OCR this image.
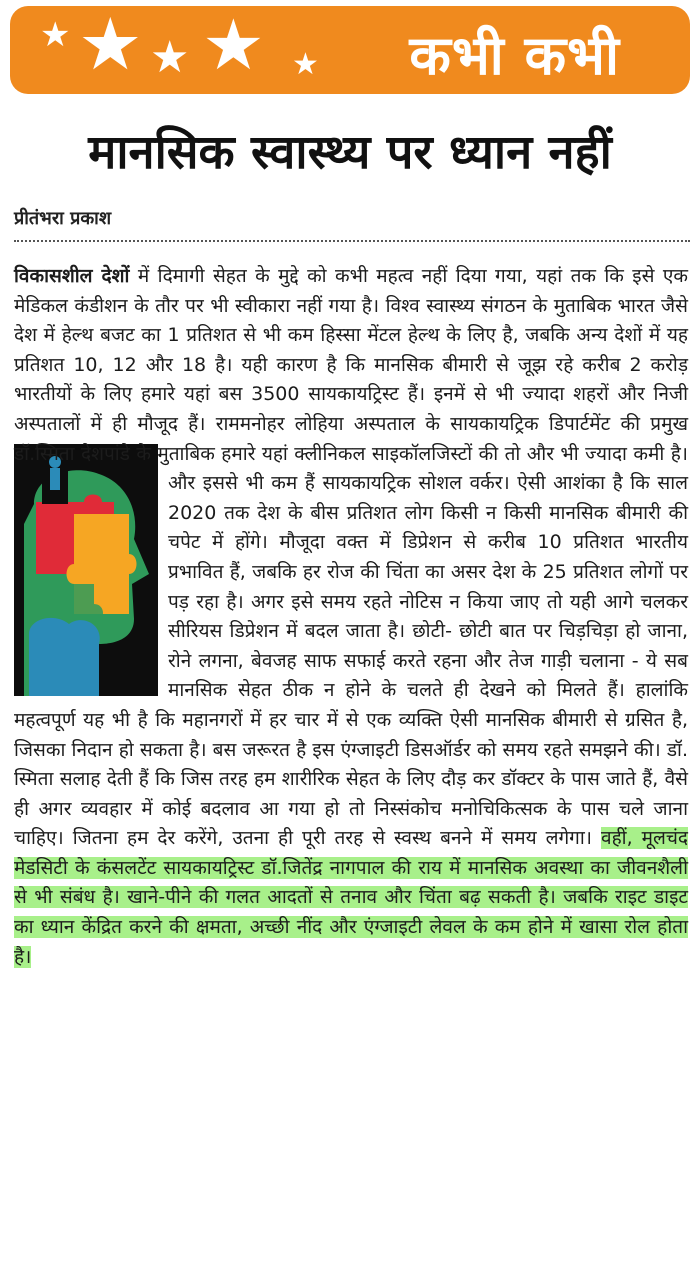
★ ★ ★ ★ ★ कभी कभी
मानसिक स्वास्थ्य पर ध्यान नहीं
प्रीतंभरा प्रकाश
विकासशील देशों में दिमागी सेहत के मुद्दे को कभी महत्व नहीं दिया गया, यहां तक कि इसे एक मेडिकल कंडीशन के तौर पर भी स्वीकारा नहीं गया है। विश्व स्वास्थ्य संगठन के मुताबिक भारत जैसे देश में हेल्थ बजट का 1 प्रतिशत से भी कम हिस्सा मेंटल हेल्थ के लिए है, जबकि अन्य देशों में यह प्रतिशत 10, 12 और 18 है। यही कारण है कि मानसिक बीमारी से जूझ रहे करीब 2 करोड़ भारतीयों के लिए हमारे यहां बस 3500 सायकायट्रिस्ट हैं। इनमें से भी ज्यादा शहरों और निजी अस्पतालों में ही मौजूद हैं। राममनोहर लोहिया अस्पताल के सायकायट्रिक डिपार्टमेंट की प्रमुख डॉ.स्मिता देशपांडे
के मुताबिक हमारे यहां क्लीनिकल साइकॉलजिस्टों की तो और भी ज्यादा कमी है। और इससे भी कम हैं सायकायट्रिक सोशल वर्कर। ऐसी आशंका है कि साल 2020 तक देश के बीस प्रतिशत लोग किसी न किसी मानसिक बीमारी की चपेट में होंगे। मौजूदा वक्त में डिप्रेशन से करीब 10 प्रतिशत भारतीय प्रभावित हैं, जबकि हर रोज की चिंता का असर देश के 25 प्रतिशत लोगों पर पड़ रहा है। अगर इसे समय रहते नोटिस न किया जाए तो यही आगे चलकर सीरियस डिप्रेशन में बदल जाता है। छोटी- छोटी बात पर चिड़चिड़ा हो जाना, रोने लगना, बेवजह साफ सफाई करते रहना और तेज गाड़ी चलाना - ये सब मानसिक सेहत ठीक न होने के चलते ही देखने को मिलते हैं। हालांकि महत्वपूर्ण यह भी है कि महानगरों में हर चार में से एक व्यक्ति ऐसी मानसिक बीमारी से ग्रसित है, जिसका निदान हो सकता है। बस जरूरत है इस एंग्जाइटी डिसऑर्डर को समय रहते समझने की। डॉ. स्मिता सलाह देती हैं कि जिस तरह हम शारीरिक सेहत के लिए दौड़ कर डॉक्टर के पास जाते हैं, वैसे ही अगर व्यवहार में कोई बदलाव आ गया हो तो निस्संकोच मनोचिकित्सक के पास चले जाना चाहिए। जितना हम देर करेंगे, उतना ही पूरी तरह से स्वस्थ बनने में समय लगेगा। वहीं, मूलचंद मेडसिटी के कंसलटेंट सायकायट्रिस्ट डॉ.जितेंद्र नागपाल की राय में मानसिक अवस्था का जीवनशैली से भी संबंध है। खाने-पीने की गलत आदतों से तनाव और चिंता बढ़ सकती है। जबकि राइट डाइट का ध्यान केंद्रित करने की क्षमता, अच्छी नींद और एंग्जाइटी लेवल के कम होने में खासा रोल होता है।
